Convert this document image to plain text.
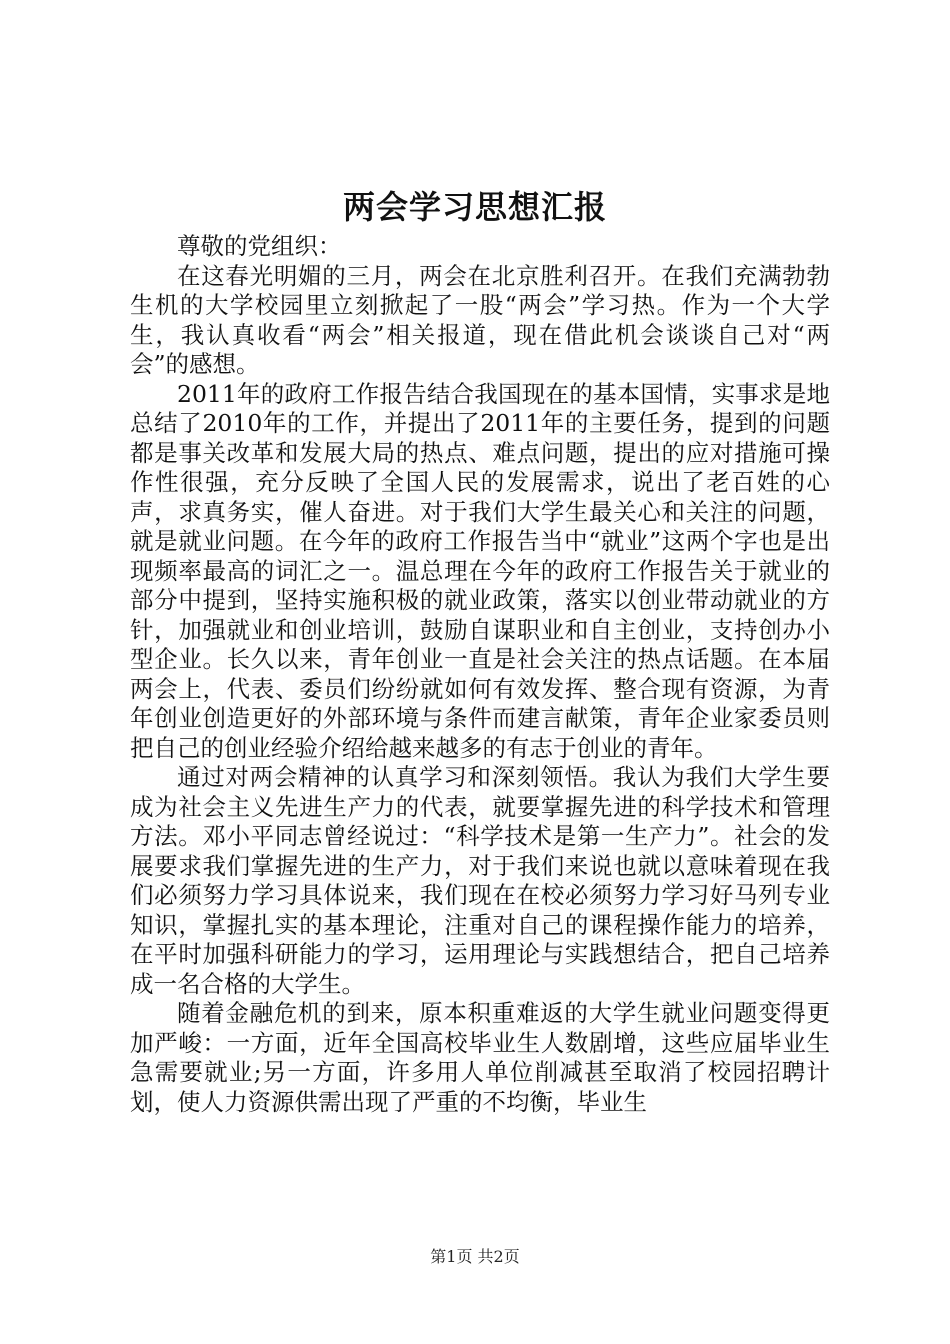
两会学习思想汇报

尊敬的党组织：

在这春光明媚的三月，两会在北京胜利召开。在我们充满勃勃生机的大学校园里立刻掀起了一股“两会”学习热。作为一个大学生，我认真收看“两会”相关报道，现在借此机会谈谈自己对“两会”的感想。

2011年的政府工作报告结合我国现在的基本国情，实事求是地总结了2010年的工作，并提出了2011年的主要任务，提到的问题都是事关改革和发展大局的热点、难点问题，提出的应对措施可操作性很强，充分反映了全国人民的发展需求，说出了老百姓的心声，求真务实，催人奋进。对于我们大学生最关心和关注的问题，就是就业问题。在今年的政府工作报告当中“就业”这两个字也是出现频率最高的词汇之一。温总理在今年的政府工作报告关于就业的部分中提到，坚持实施积极的就业政策，落实以创业带动就业的方针，加强就业和创业培训，鼓励自谋职业和自主创业，支持创办小型企业。长久以来，青年创业一直是社会关注的热点话题。在本届两会上，代表、委员们纷纷就如何有效发挥、整合现有资源，为青年创业创造更好的外部环境与条件而建言献策，青年企业家委员则把自己的创业经验介绍给越来越多的有志于创业的青年。

通过对两会精神的认真学习和深刻领悟。我认为我们大学生要成为社会主义先进生产力的代表，就要掌握先进的科学技术和管理方法。邓小平同志曾经说过：“科学技术是第一生产力”。社会的发展要求我们掌握先进的生产力，对于我们来说也就以意味着现在我们必须努力学习具体说来，我们现在在校必须努力学习好马列专业知识，掌握扎实的基本理论，注重对自己的课程操作能力的培养，在平时加强科研能力的学习，运用理论与实践想结合，把自己培养成一名合格的大学生。

随着金融危机的到来，原本积重难返的大学生就业问题变得更加严峻：一方面，近年全国高校毕业生人数剧增，这些应届毕业生急需要就业;另一方面，许多用人单位削减甚至取消了校园招聘计划，使人力资源供需出现了严重的不均衡，毕业生

第1页 共2页
